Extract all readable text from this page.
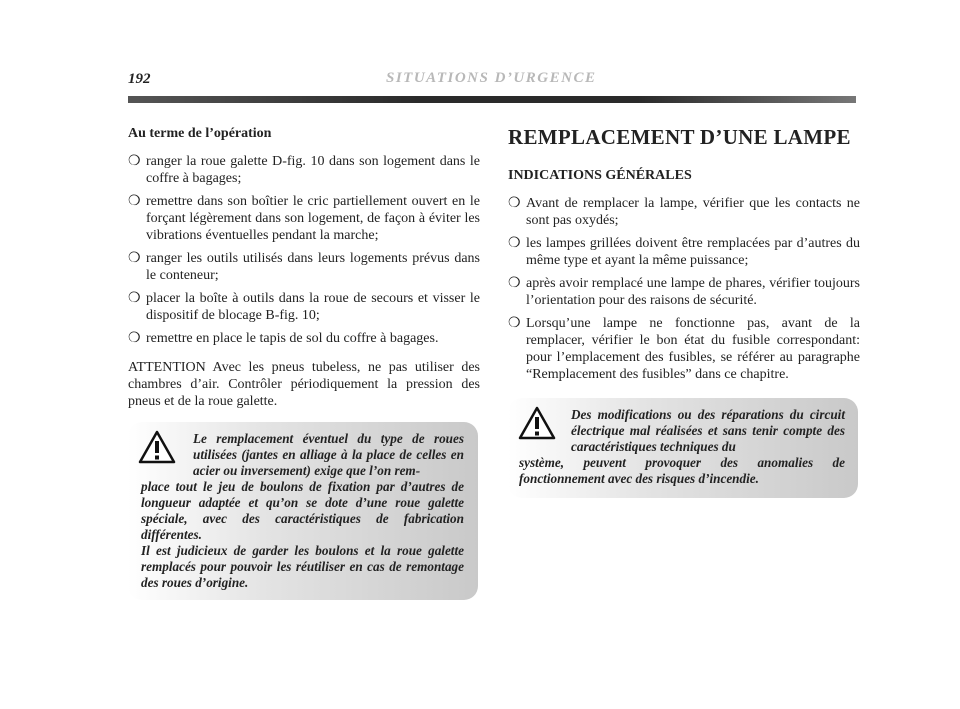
192	SITUATIONS D’URGENCE
Au terme de l’opération
❍ ranger la roue galette D-fig. 10 dans son logement dans le coffre à bagages;
❍ remettre dans son boîtier le cric partiellement ouvert en le forçant légèrement dans son logement, de façon à éviter les vibrations éventuelles pendant la marche;
❍ ranger les outils utilisés dans leurs logements prévus dans le conteneur;
❍ placer la boîte à outils dans la roue de secours et visser le dispositif de blocage B-fig. 10;
❍ remettre en place le tapis de sol du coffre à bagages.

ATTENTION Avec les pneus tubeless, ne pas utiliser des chambres d’air. Contrôler périodiquement la pression des pneus et de la roue galette.

Le remplacement éventuel du type de roues utilisées (jantes en alliage à la place de celles en acier ou inversement) exige que l’on rem-
place tout le jeu de boulons de fixation par d’autres de longueur adaptée et qu’on se dote d’une roue galette spéciale, avec des caractéristiques de fabrication différentes.
Il est judicieux de garder les boulons et la roue galette remplacés pour pouvoir les réutiliser en cas de remontage des roues d’origine.
REMPLACEMENT D’UNE LAMPE
INDICATIONS GÉNÉRALES
❍ Avant de remplacer la lampe, vérifier que les contacts ne sont pas oxydés;
❍ les lampes grillées doivent être remplacées par d’autres du même type et ayant la même puissance;
❍ après avoir remplacé une lampe de phares, vérifier toujours l’orientation pour des raisons de sécurité.
❍ Lorsqu’une lampe ne fonctionne pas, avant de la remplacer, vérifier le bon état du fusible correspondant: pour l’emplacement des fusibles, se référer au paragraphe “Remplacement des fusibles” dans ce chapitre.
Des modifications ou des réparations du circuit électrique mal réalisées et sans tenir compte des caractéristiques techniques du
système, peuvent provoquer des anomalies de fonctionnement avec des risques d’incendie.
